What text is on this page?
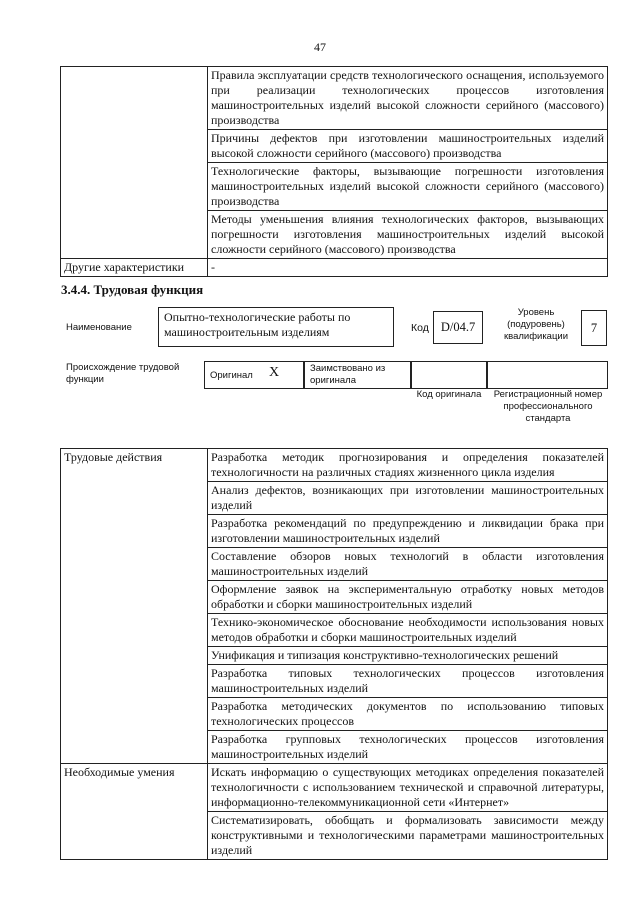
47
	Правила эксплуатации средств технологического оснащения, используемого при реализации технологических процессов изготовления машиностроительных изделий высокой сложности серийного (массового) производства
	Причины дефектов при изготовлении машиностроительных изделий высокой сложности серийного (массового) производства
	Технологические факторы, вызывающие погрешности изготовления машиностроительных изделий высокой сложности серийного (массового) производства
	Методы уменьшения влияния технологических факторов, вызывающих погрешности изготовления машиностроительных изделий высокой сложности серийного (массового) производства
Другие характеристики	-
3.4.4. Трудовая функция
Наименование
Опытно-технологические работы по машиностроительным изделиям	Код D/04.7
Уровень (подуровень) квалификации
7
Происхождение трудовой функции	Оригинал X	Заимствовано из оригинала
Код оригинала	Регистрационный номер профессионального стандарта
Трудовые действия	Разработка методик прогнозирования и определения показателей технологичности на различных стадиях жизненного цикла изделия
	Анализ дефектов, возникающих при изготовлении машиностроительных изделий
	Разработка рекомендаций по предупреждению и ликвидации брака при изготовлении машиностроительных изделий
	Составление обзоров новых технологий в области изготовления машиностроительных изделий
	Оформление заявок на экспериментальную отработку новых методов обработки и сборки машиностроительных изделий
	Технико-экономическое обоснование необходимости использования новых методов обработки и сборки машиностроительных изделий
	Унификация и типизация конструктивно-технологических решений
	Разработка типовых технологических процессов изготовления машиностроительных изделий
	Разработка методических документов по использованию типовых технологических процессов
	Разработка групповых технологических процессов изготовления машиностроительных изделий
Необходимые умения	Искать информацию о существующих методиках определения показателей технологичности с использованием технической и справочной литературы, информационно-телекоммуникационной сети «Интернет»
	Систематизировать, обобщать и формализовать зависимости между конструктивными и технологическими параметрами машиностроительных изделий
